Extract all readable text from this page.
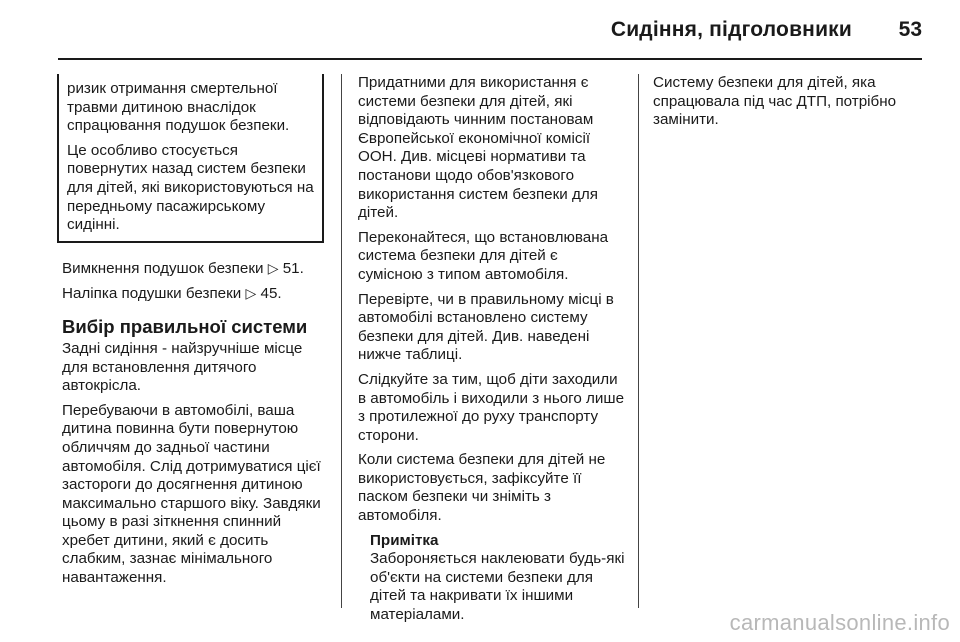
Сидіння, підголовники 53

ризик отримання смертельної травми дитиною внаслідок спрацювання подушок безпеки.

Це особливо стосується повернутих назад систем безпеки для дітей, які використовуються на передньому пасажирському сидінні.

Вимкнення подушок безпеки ▷ 51.

Наліпка подушки безпеки ▷ 45.

Вибір правильної системи

Задні сидіння - найзручніше місце для встановлення дитячого автокрісла.

Перебуваючи в автомобілі, ваша дитина повинна бути повернутою обличчям до задньої частини автомобіля. Слід дотримуватися цієї застороги до досягнення дитиною максимально старшого віку. Завдяки цьому в разі зіткнення спинний хребет дитини, який є досить слабким, зазнає мінімального навантаження.

Придатними для використання є системи безпеки для дітей, які відповідають чинним постановам Європейської економічної комісії ООН. Див. місцеві нормативи та постанови щодо обов'язкового використання систем безпеки для дітей.

Переконайтеся, що встановлювана система безпеки для дітей є сумісною з типом автомобіля.

Перевірте, чи в правильному місці в автомобілі встановлено систему безпеки для дітей. Див. наведені нижче таблиці.

Слідкуйте за тим, щоб діти заходили в автомобіль і виходили з нього лише з протилежної до руху транспорту сторони.

Коли система безпеки для дітей не використовується, зафіксуйте її паском безпеки чи зніміть з автомобіля.

Примітка
Забороняється наклеювати будь-які об'єкти на системи безпеки для дітей та накривати їх іншими матеріалами.

Систему безпеки для дітей, яка спрацювала під час ДТП, потрібно замінити.

carmanualsonline.info
